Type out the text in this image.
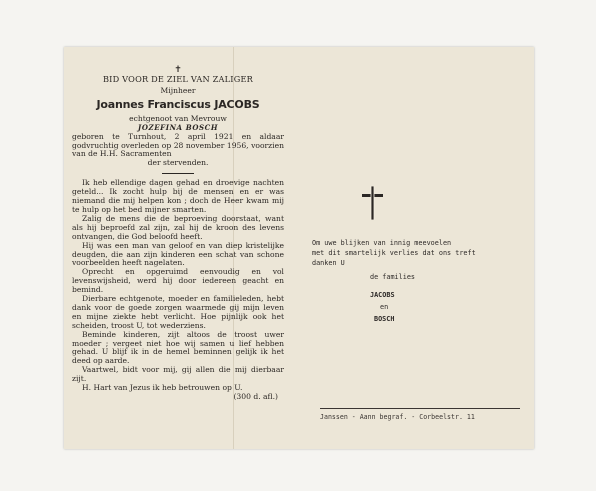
✝
BID VOOR DE ZIEL VAN ZALIGER
Mijnheer
Joannes Franciscus JACOBS
echtgenoot van Mevrouw
JOZEFINA BOSCH
geboren te Turnhout, 2 april 1921 en aldaar godvruchtig overleden op 28 november 1956, voorzien van de H.H. Sacramenten
der stervenden.

Ik heb ellendige dagen gehad en droevige nachten geteld... Ik zocht hulp bij de mensen en er was niemand die mij helpen kon ; doch de Heer kwam mij te hulp op het bed mijner smarten.

Zalig de mens die de beproeving doorstaat, want als hij beproefd zal zijn, zal hij de kroon des levens ontvangen, die God beloofd heeft.

Hij was een man van geloof en van diep kristelijke deugden, die aan zijn kinderen een schat van schone voorbeelden heeft nagelaten.

Oprecht en opgeruimd eenvoudig en vol levenswijsheid, werd hij door iedereen geacht en bemind.

Dierbare echtgenote, moeder en familieleden, hebt dank voor de goede zorgen waarmede gij mijn leven en mijne ziekte hebt verlicht. Hoe pijnlijk ook het scheiden, troost U, tot wederziens.

Beminde kinderen, zijt altoos de troost uwer moeder ; vergeet niet hoe wij samen u lief hebben gehad. U blijf ik in de hemel beminnen gelijk ik het deed op aarde.

Vaartwel, bidt voor mij, gij allen die mij dierbaar zijt.

H. Hart van Jezus ik heb betrouwen op U.

(300 d. afl.)
Om uwe blijken van innig meevoelen
met dit smartelijk verlies dat ons treft
danken U
de families
JACOBS
en
BOSCH
Janssen - Aann begraf. - Corbeelstr. 11
